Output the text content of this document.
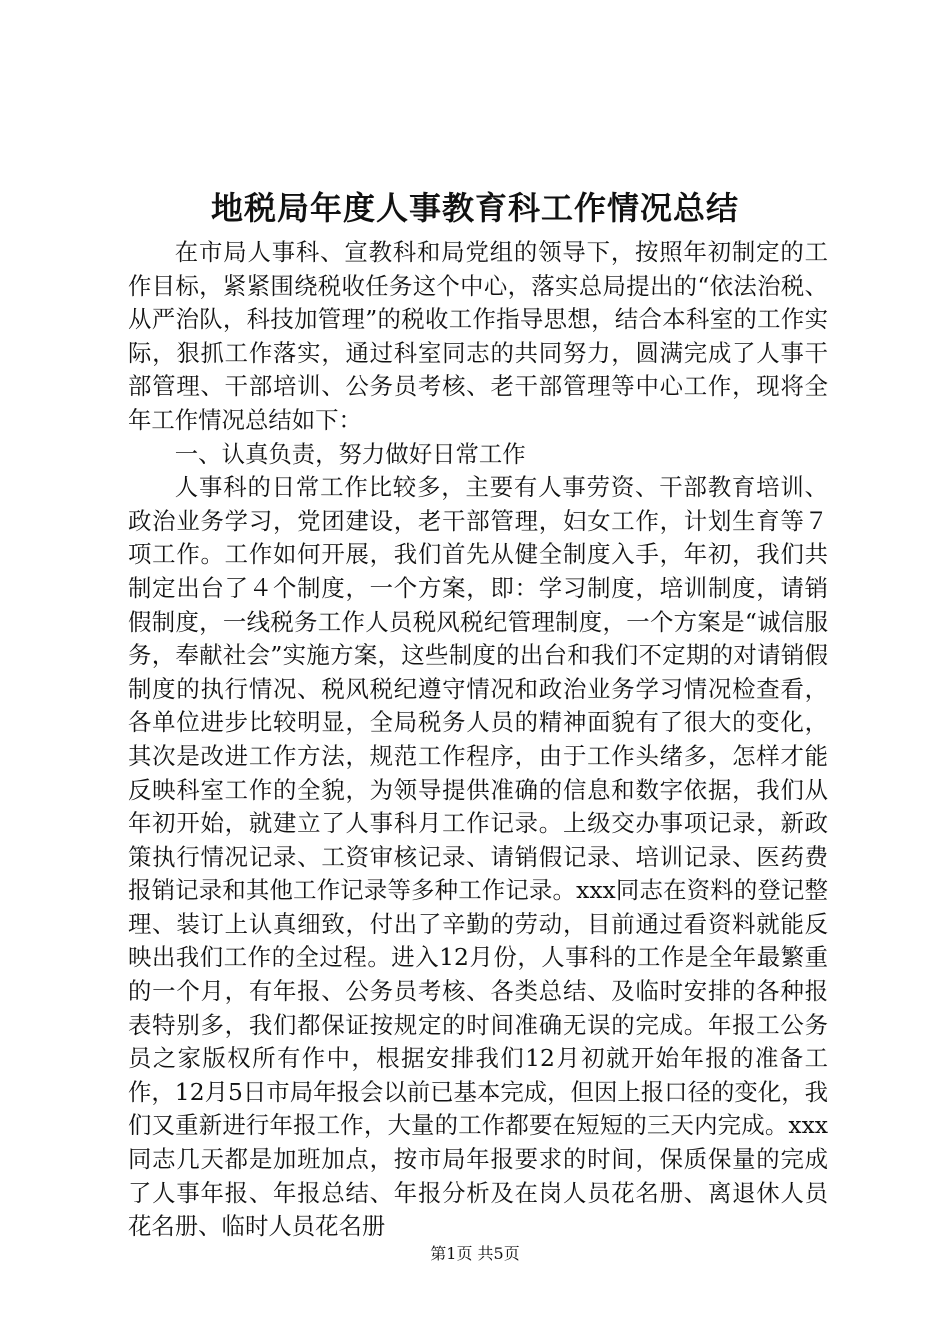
地税局年度人事教育科工作情况总结

在市局人事科、宣教科和局党组的领导下，按照年初制定的工作目标，紧紧围绕税收任务这个中心，落实总局提出的“依法治税、从严治队，科技加管理”的税收工作指导思想，结合本科室的工作实际，狠抓工作落实，通过科室同志的共同努力，圆满完成了人事干部管理、干部培训、公务员考核、老干部管理等中心工作，现将全年工作情况总结如下：

一、认真负责，努力做好日常工作

人事科的日常工作比较多，主要有人事劳资、干部教育培训、政治业务学习，党团建设，老干部管理，妇女工作，计划生育等７项工作。工作如何开展，我们首先从健全制度入手，年初，我们共制定出台了４个制度，一个方案，即：学习制度，培训制度，请销假制度，一线税务工作人员税风税纪管理制度，一个方案是“诚信服务，奉献社会”实施方案，这些制度的出台和我们不定期的对请销假制度的执行情况、税风税纪遵守情况和政治业务学习情况检查看，各单位进步比较明显，全局税务人员的精神面貌有了很大的变化，其次是改进工作方法，规范工作程序，由于工作头绪多，怎样才能反映科室工作的全貌，为领导提供准确的信息和数字依据，我们从年初开始，就建立了人事科月工作记录。上级交办事项记录，新政策执行情况记录、工资审核记录、请销假记录、培训记录、医药费报销记录和其他工作记录等多种工作记录。xxx同志在资料的登记整理、装订上认真细致，付出了辛勤的劳动，目前通过看资料就能反映出我们工作的全过程。进入12月份，人事科的工作是全年最繁重的一个月，有年报、公务员考核、各类总结、及临时安排的各种报表特别多，我们都保证按规定的时间准确无误的完成。年报工公务员之家版权所有作中，根据安排我们12月初就开始年报的准备工作，12月5日市局年报会以前已基本完成，但因上报口径的变化，我们又重新进行年报工作，大量的工作都要在短短的三天内完成。xxx同志几天都是加班加点，按市局年报要求的时间，保质保量的完成了人事年报、年报总结、年报分析及在岗人员花名册、离退休人员花名册、临时人员花名册

第1页 共5页
